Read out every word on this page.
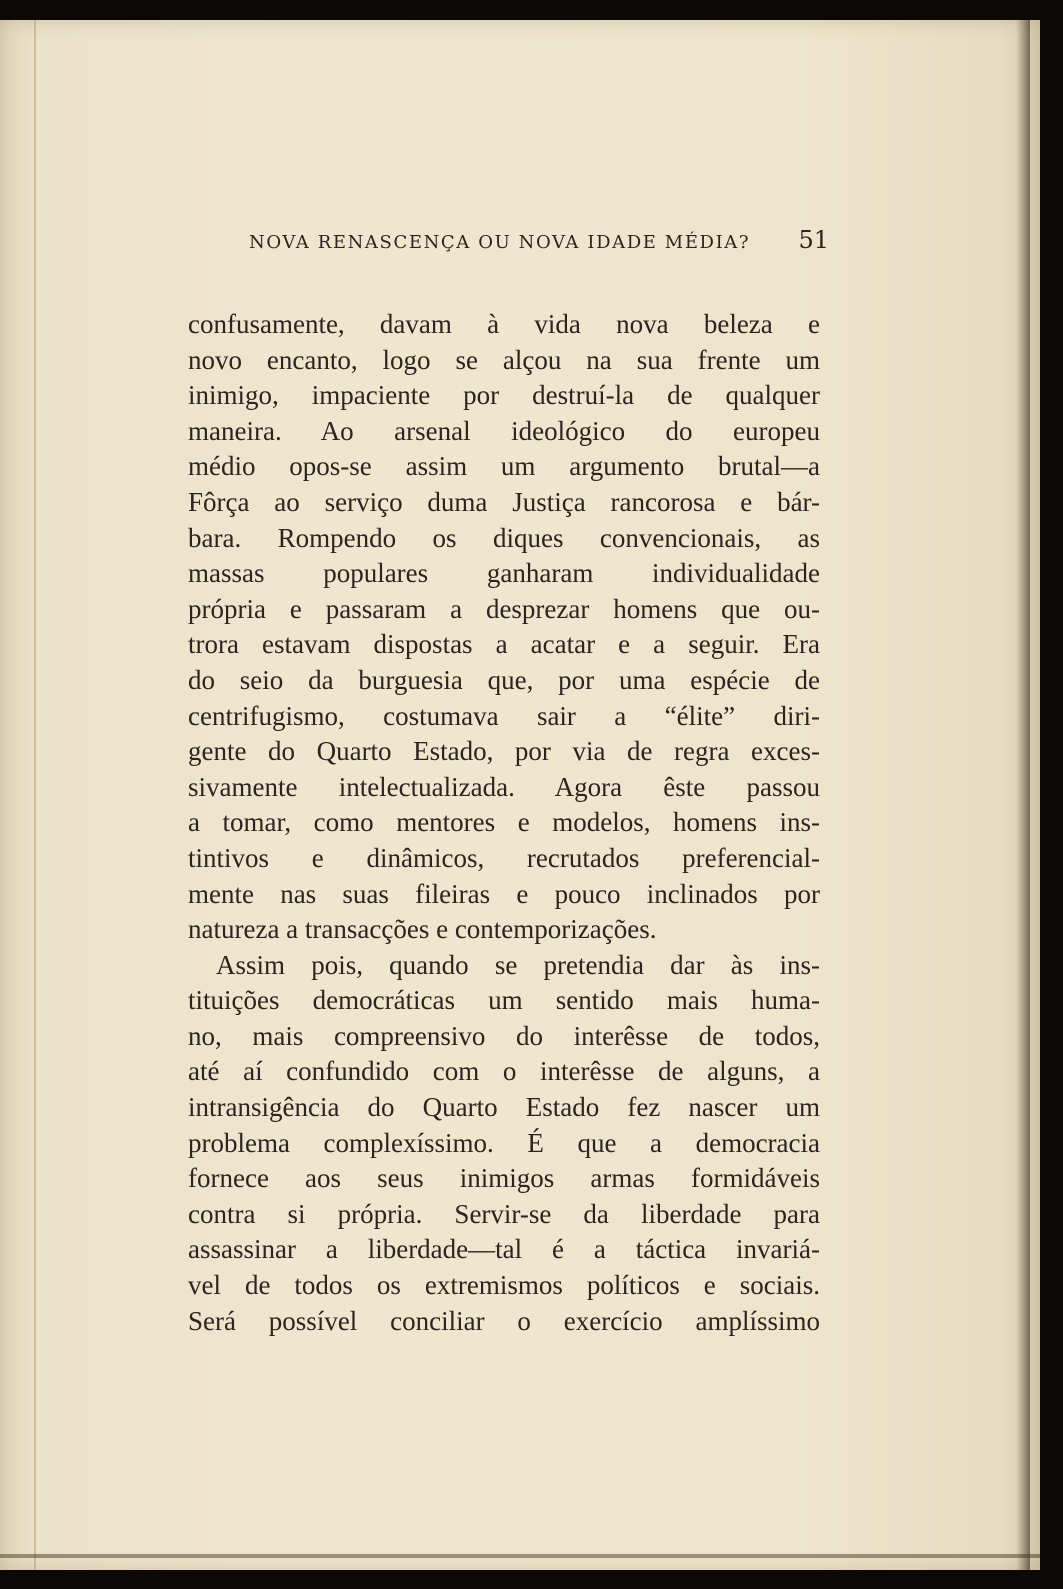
NOVA RENASCENÇA OU NOVA IDADE MÉDIA? 51
confusamente, davam à vida nova beleza e
novo encanto, logo se alçou na sua frente um
inimigo, impaciente por destruí-la de qualquer
maneira. Ao arsenal ideológico do europeu
médio opos-se assim um argumento brutal—a
Fôrça ao serviço duma Justiça rancorosa e bár-
bara. Rompendo os diques convencionais, as
massas populares ganharam individualidade
própria e passaram a desprezar homens que ou-
trora estavam dispostas a acatar e a seguir. Era
do seio da burguesia que, por uma espécie de
centrifugismo, costumava sair a “élite” diri-
gente do Quarto Estado, por via de regra exces-
sivamente intelectualizada. Agora êste passou
a tomar, como mentores e modelos, homens ins-
tintivos e dinâmicos, recrutados preferencial-
mente nas suas fileiras e pouco inclinados por
natureza a transacções e contemporizações.
Assim pois, quando se pretendia dar às ins-
tituições democráticas um sentido mais huma-
no, mais compreensivo do interêsse de todos,
até aí confundido com o interêsse de alguns, a
intransigência do Quarto Estado fez nascer um
problema complexíssimo. É que a democracia
fornece aos seus inimigos armas formidáveis
contra si própria. Servir-se da liberdade para
assassinar a liberdade—tal é a táctica invariá-
vel de todos os extremismos políticos e sociais.
Será possível conciliar o exercício amplíssimo
